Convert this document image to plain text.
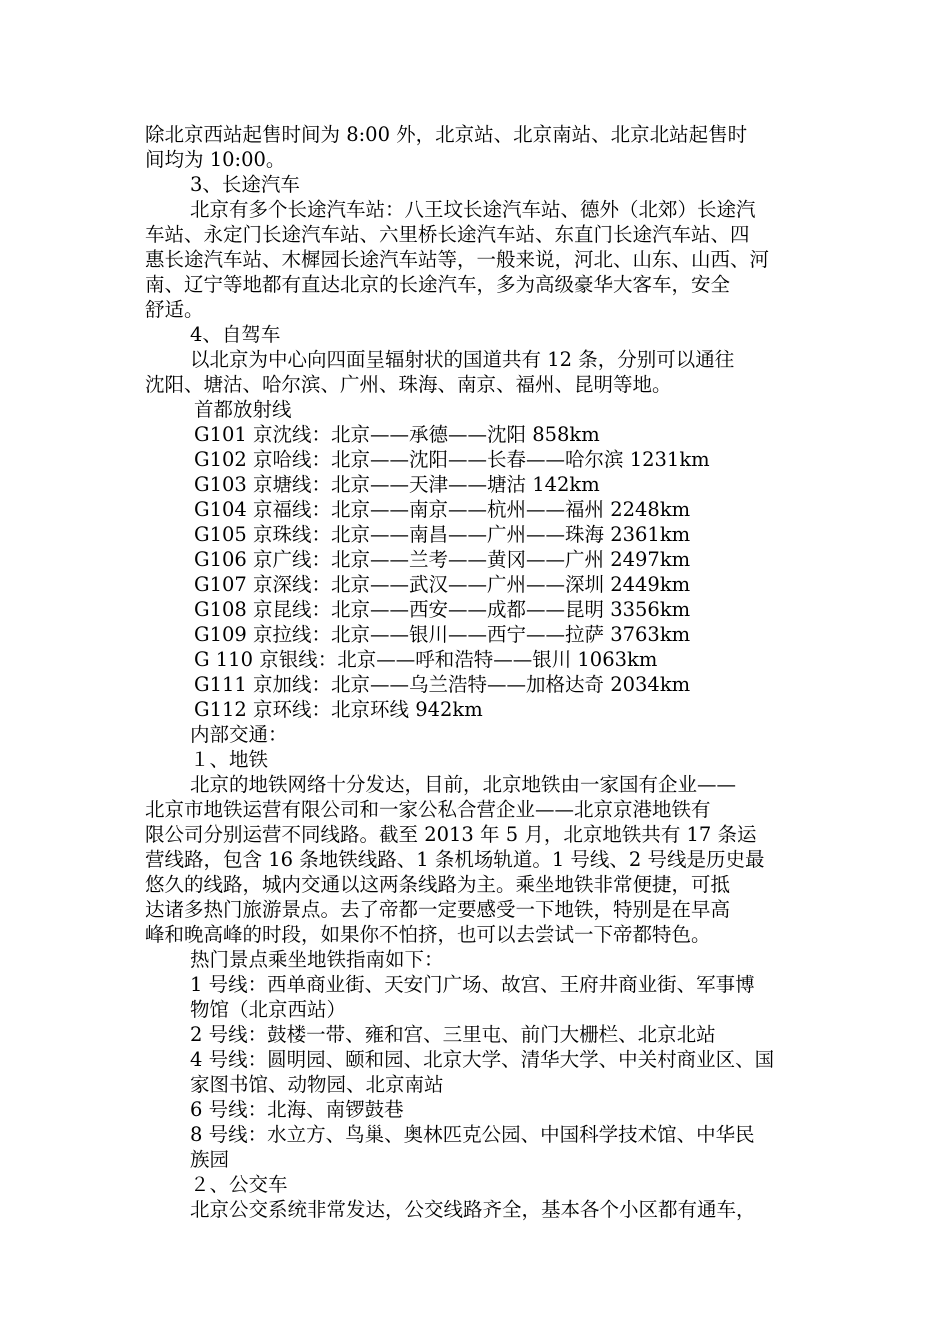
除北京西站起售时间为 8:00 外，北京站、北京南站、北京北站起售时
间均为 10:00。
3、长途汽车
北京有多个长途汽车站：八王坟长途汽车站、德外（北郊）长途汽
车站、永定门长途汽车站、六里桥长途汽车站、东直门长途汽车站、四
惠长途汽车站、木樨园长途汽车站等，一般来说，河北、山东、山西、河
南、辽宁等地都有直达北京的长途汽车，多为高级豪华大客车，安全
舒适。
4、自驾车
以北京为中心向四面呈辐射状的国道共有 12 条，分别可以通往
沈阳、塘沽、哈尔滨、广州、珠海、南京、福州、昆明等地。
首都放射线
G101 京沈线：北京——承德——沈阳 858km
G102 京哈线：北京——沈阳——长春——哈尔滨 1231km
G103 京塘线：北京——天津——塘沽 142km
G104 京福线：北京——南京——杭州——福州 2248km
G105 京珠线：北京——南昌——广州——珠海 2361km
G106 京广线：北京——兰考——黄冈——广州 2497km
G107 京深线：北京——武汉——广州——深圳 2449km
G108 京昆线：北京——西安——成都——昆明 3356km
G109 京拉线：北京——银川——西宁——拉萨 3763km
G 110 京银线：北京——呼和浩特——银川 1063km
G111 京加线：北京——乌兰浩特——加格达奇 2034km
G112 京环线：北京环线 942km
内部交通：
１、地铁
北京的地铁网络十分发达，目前，北京地铁由一家国有企业——
北京市地铁运营有限公司和一家公私合营企业——北京京港地铁有
限公司分别运营不同线路。截至 2013 年 5 月，北京地铁共有 17 条运
营线路，包含 16 条地铁线路、1 条机场轨道。1 号线、2 号线是历史最
悠久的线路，城内交通以这两条线路为主。乘坐地铁非常便捷，可抵
达诸多热门旅游景点。去了帝都一定要感受一下地铁，特别是在早高
峰和晚高峰的时段，如果你不怕挤，也可以去尝试一下帝都特色。
热门景点乘坐地铁指南如下：
1 号线：西单商业街、天安门广场、故宫、王府井商业街、军事博
物馆（北京西站）
2 号线：鼓楼一带、雍和宫、三里屯、前门大栅栏、北京北站
4 号线：圆明园、颐和园、北京大学、清华大学、中关村商业区、国
家图书馆、动物园、北京南站
6 号线：北海、南锣鼓巷
8 号线：水立方、鸟巢、奥林匹克公园、中国科学技术馆、中华民
族园
２、公交车
北京公交系统非常发达，公交线路齐全，基本各个小区都有通车，
